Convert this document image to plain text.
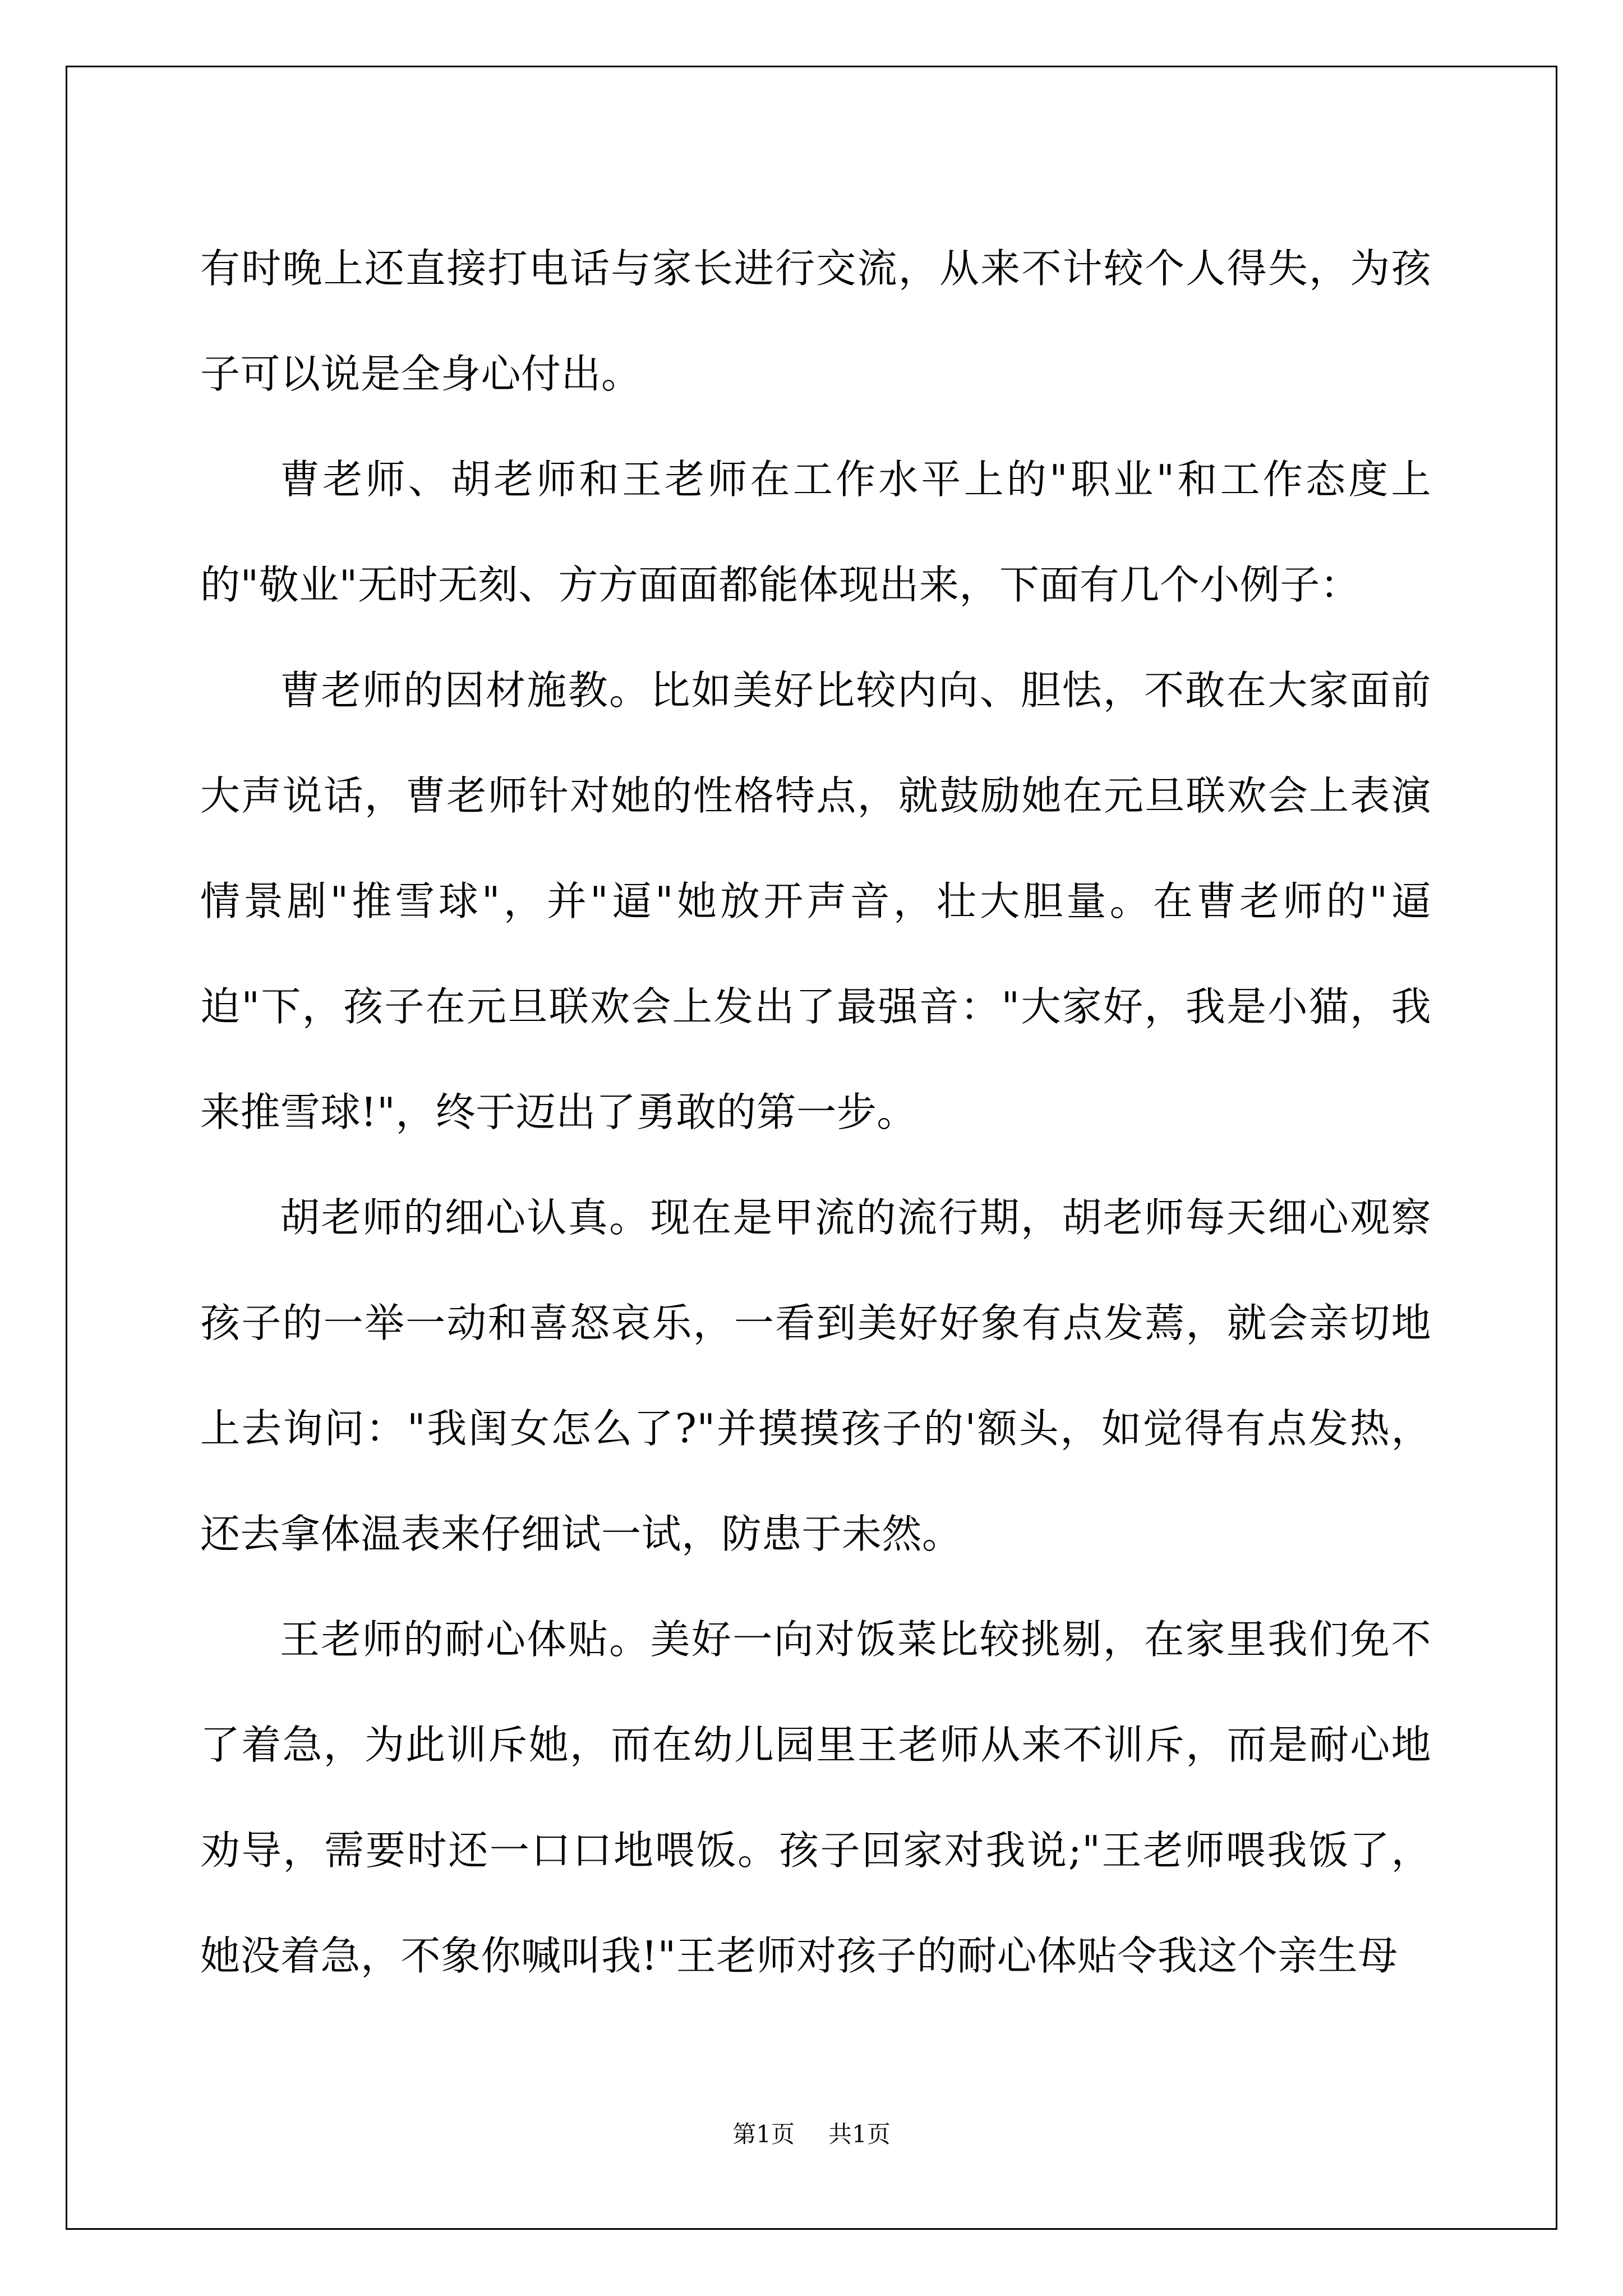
有时晚上还直接打电话与家长进行交流，从来不计较个人得失，为孩子可以说是全身心付出。

曹老师、胡老师和王老师在工作水平上的"职业"和工作态度上的"敬业"无时无刻、方方面面都能体现出来，下面有几个小例子：

曹老师的因材施教。比如美好比较内向、胆怯，不敢在大家面前大声说话，曹老师针对她的性格特点，就鼓励她在元旦联欢会上表演情景剧"推雪球"，并"逼"她放开声音，壮大胆量。在曹老师的"逼迫"下，孩子在元旦联欢会上发出了最强音："大家好，我是小猫，我来推雪球!"，终于迈出了勇敢的第一步。

胡老师的细心认真。现在是甲流的流行期，胡老师每天细心观察孩子的一举一动和喜怒哀乐，一看到美好好象有点发蔫，就会亲切地上去询问："我闺女怎么了?"并摸摸孩子的'额头，如觉得有点发热，还去拿体温表来仔细试一试，防患于未然。

王老师的耐心体贴。美好一向对饭菜比较挑剔，在家里我们免不了着急，为此训斥她，而在幼儿园里王老师从来不训斥，而是耐心地劝导，需要时还一口口地喂饭。孩子回家对我说;"王老师喂我饭了，她没着急，不象你喊叫我!"王老师对孩子的耐心体贴令我这个亲生母

第1页 共1页
